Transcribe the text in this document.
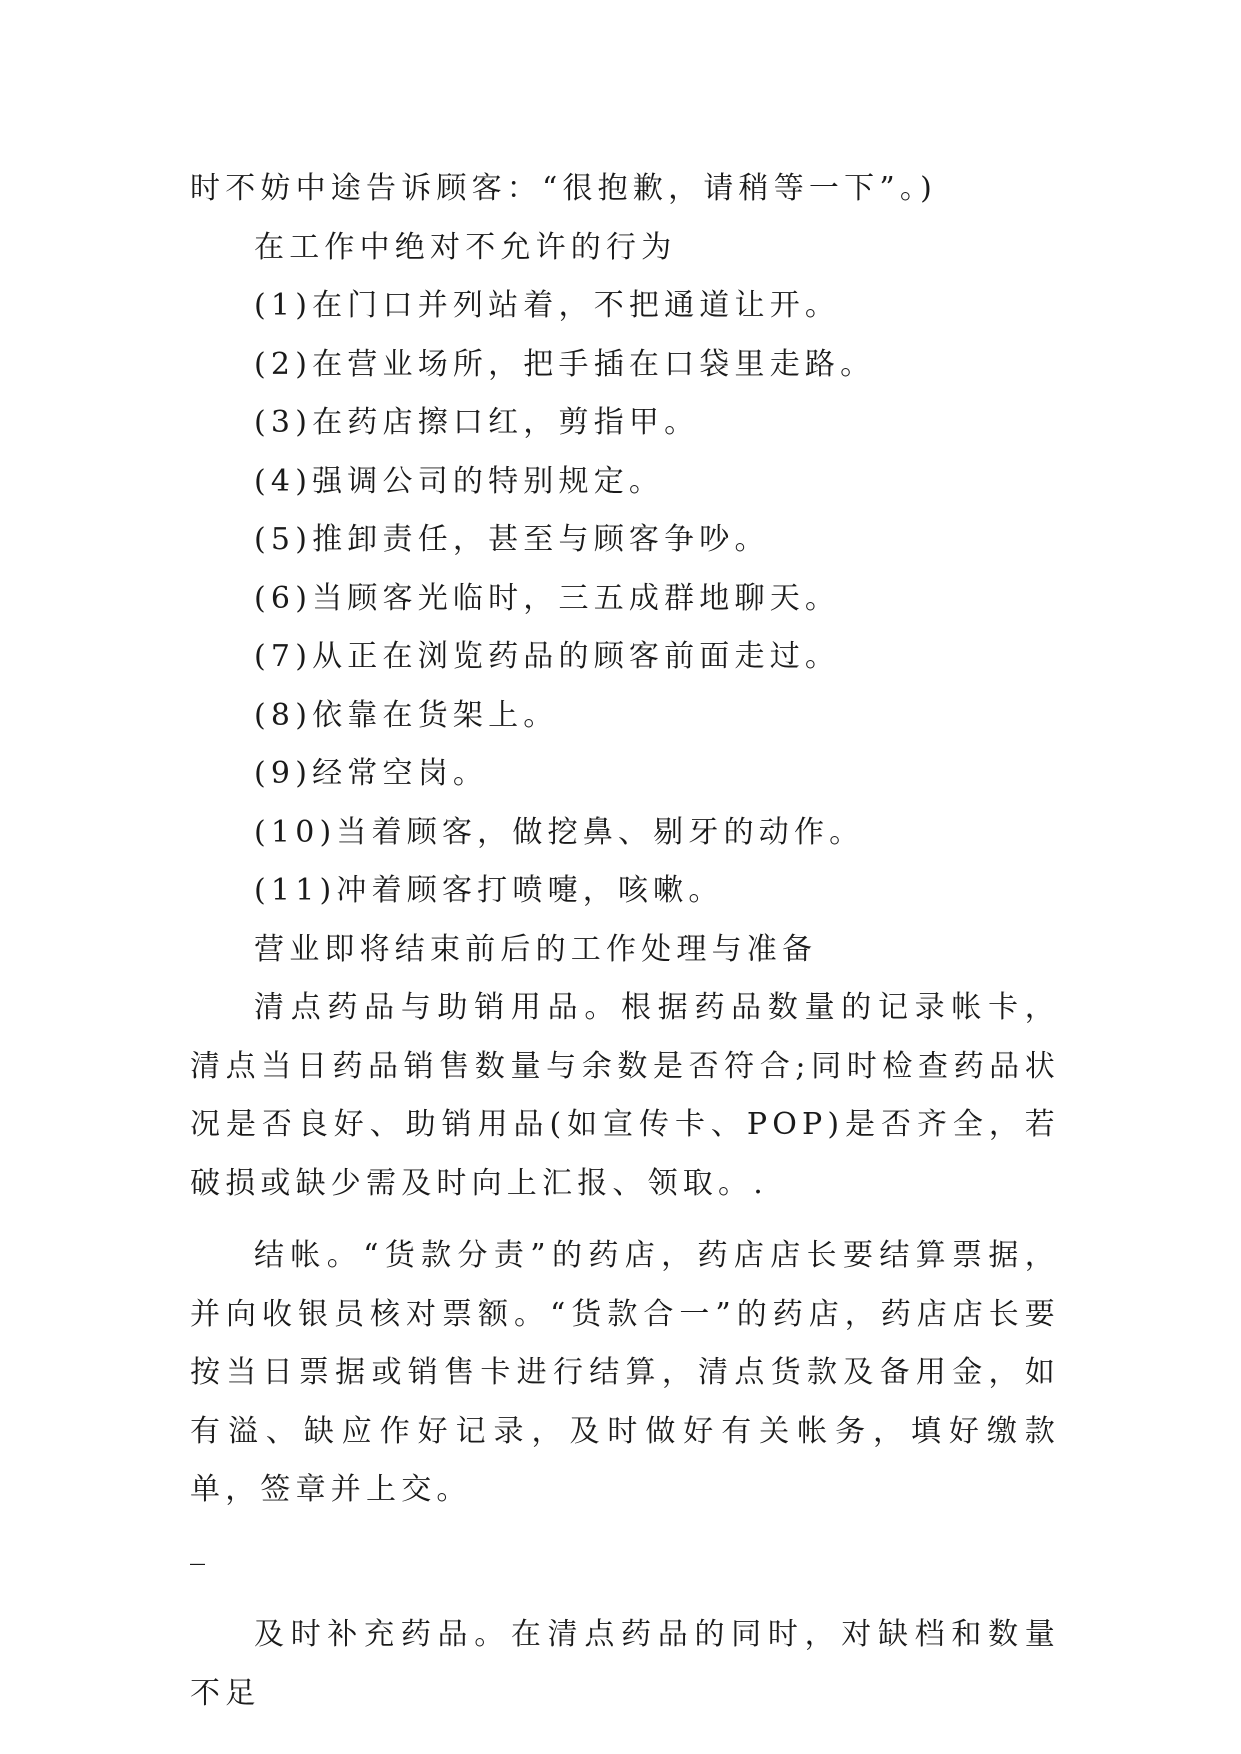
时不妨中途告诉顾客：“很抱歉，请稍等一下”。)

在工作中绝对不允许的行为

(1)在门口并列站着，不把通道让开。

(2)在营业场所，把手插在口袋里走路。

(3)在药店擦口红，剪指甲。

(4)强调公司的特别规定。

(5)推卸责任，甚至与顾客争吵。

(6)当顾客光临时，三五成群地聊天。

(7)从正在浏览药品的顾客前面走过。

(8)依靠在货架上。

(9)经常空岗。

(10)当着顾客，做挖鼻、剔牙的动作。

(11)冲着顾客打喷嚏，咳嗽。

营业即将结束前后的工作处理与准备

清点药品与助销用品。根据药品数量的记录帐卡，清点当日药品销售数量与余数是否符合;同时检查药品状况是否良好、助销用品(如宣传卡、POP)是否齐全，若破损或缺少需及时向上汇报、领取。.

结帐。“货款分责”的药店，药店店长要结算票据，并向收银员核对票额。“货款合一”的药店，药店店长要按当日票据或销售卡进行结算，清点货款及备用金，如有溢、缺应作好记录，及时做好有关帐务，填好缴款单，签章并上交。

_

及时补充药品。在清点药品的同时，对缺档和数量不足
